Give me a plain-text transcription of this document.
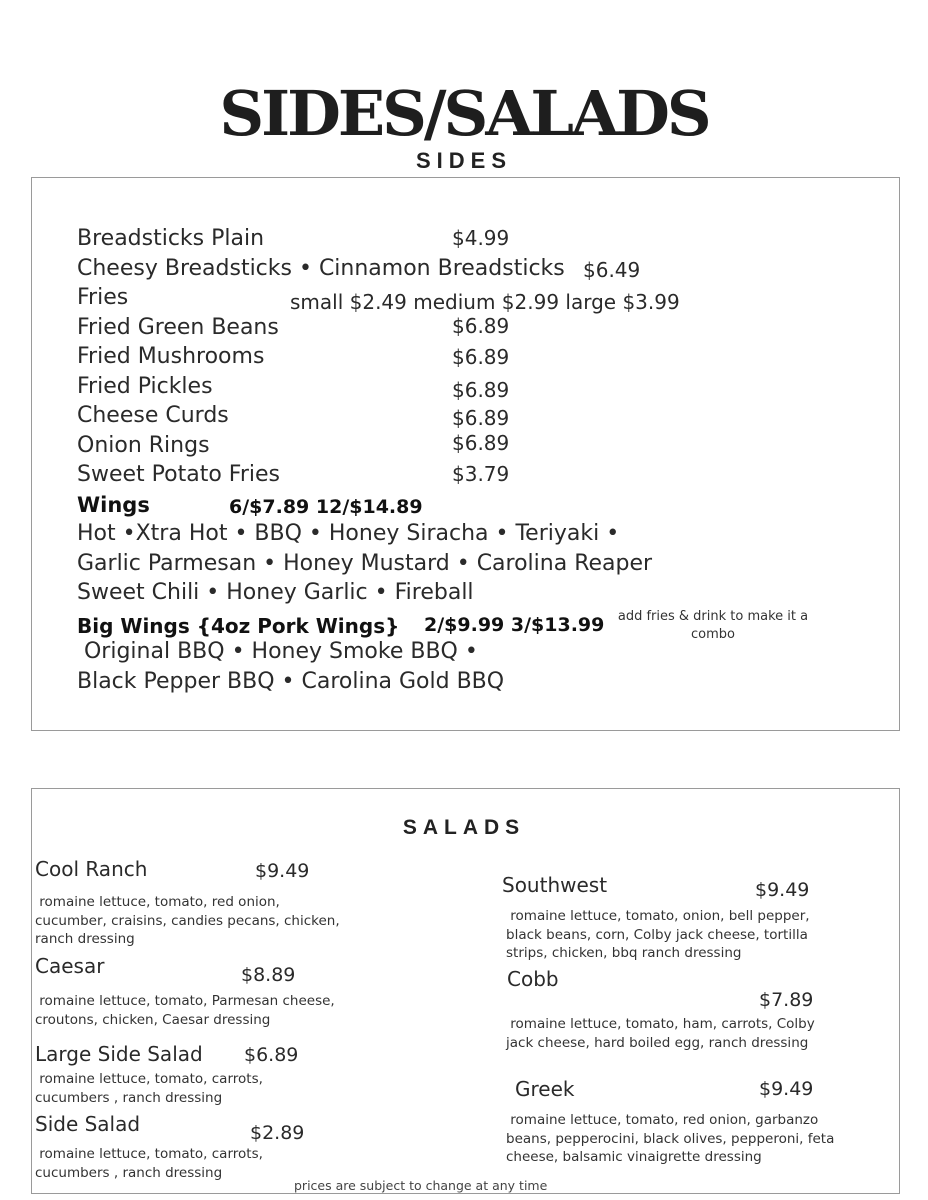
SIDES/SALADS
SIDES
Breadsticks Plain	$4.99
Cheesy Breadsticks • Cinnamon Breadsticks $6.49
Fries	small $2.49 medium $2.99 large $3.99
Fried Green Beans	$6.89
Fried Mushrooms	$6.89
Fried Pickles	$6.89
Cheese Curds	$6.89
Onion Rings	$6.89
Sweet Potato Fries	$3.79
Wings	6/$7.89 12/$14.89
Hot •Xtra Hot • BBQ • Honey Siracha • Teriyaki •
Garlic Parmesan • Honey Mustard • Carolina Reaper
Sweet Chili • Honey Garlic • Fireball
Big Wings {4oz Pork Wings} 2/$9.99 3/$13.99	add fries & drink to make it a
combo
Original BBQ • Honey Smoke BBQ •
Black Pepper BBQ • Carolina Gold BBQ
SALADS
Cool Ranch	$9.49
romaine lettuce, tomato, red onion, cucumber, craisins, candies pecans, chicken, ranch dressing
Caesar	$8.89
romaine lettuce, tomato, Parmesan cheese, croutons, chicken, Caesar dressing
Large Side Salad $6.89
romaine lettuce, tomato, carrots, cucumbers , ranch dressing
Side Salad	$2.89
romaine lettuce, tomato, carrots, cucumbers , ranch dressing
Southwest	$9.49
romaine lettuce, tomato, onion, bell pepper, black beans, corn, Colby jack cheese, tortilla strips, chicken, bbq ranch dressing
Cobb
$7.89
romaine lettuce, tomato, ham, carrots, Colby jack cheese, hard boiled egg, ranch dressing
Greek	$9.49
romaine lettuce, tomato, red onion, garbanzo beans, pepperocini, black olives, pepperoni, feta cheese, balsamic vinaigrette dressing
prices are subject to change at any time
